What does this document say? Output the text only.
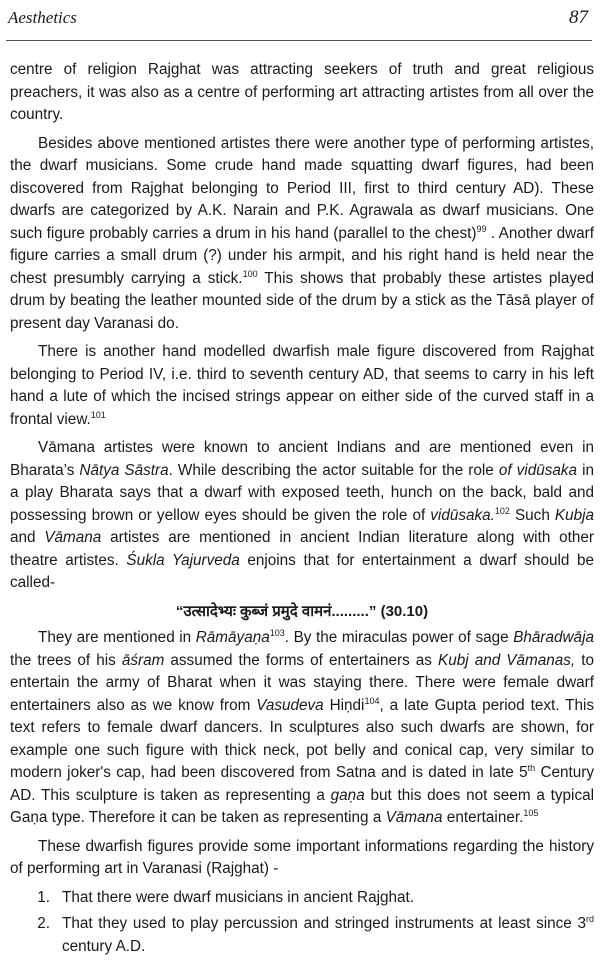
Aesthetics	87

centre of religion Rajghat was attracting seekers of truth and great religious preachers, it was also as a centre of performing art attracting artistes from all over the country.

Besides above mentioned artistes there were another type of performing artistes, the dwarf musicians. Some crude hand made squatting dwarf figures, had been discovered from Rajghat belonging to Period III, first to third century AD). These dwarfs are categorized by A.K. Narain and P.K. Agrawala as dwarf musicians. One such figure probably carries a drum in his hand (parallel to the chest)$^{99}$ . Another dwarf figure carries a small drum (?) under his armpit, and his right hand is held near the chest presumbly carrying a stick.$^{100}$ This shows that probably these artistes played drum by beating the leather mounted side of the drum by a stick as the Tāsā player of present day Varanasi do.

There is another hand modelled dwarfish male figure discovered from Rajghat belonging to Period IV, i.e. third to seventh century AD, that seems to carry in his left hand a lute of which the incised strings appear on either side of the curved staff in a frontal view.$^{101}$

Vāmana artistes were known to ancient Indians and are mentioned even in Bharata’s Nātya Sāstra. While describing the actor suitable for the role of vidūsaka in a play Bharata says that a dwarf with exposed teeth, hunch on the back, bald and possessing brown or yellow eyes should be given the role of vidūsaka.$^{102}$ Such Kubja and Vāmana artistes are mentioned in ancient Indian literature along with other theatre artistes. Śukla Yajurveda enjoins that for entertainment a dwarf should be called-

“उत्सादेभ्यः कुब्जं प्रमुदे वामनं.........” (30.10)

They are mentioned in Rāmāyaṇa$^{103}$. By the miraculas power of sage Bhāradwāja the trees of his āśram assumed the forms of entertainers as Kubj and Vāmanas, to entertain the army of Bharat when it was staying there. There were female dwarf entertainers also as we know from Vasudeva Hiṇdi$^{104}$, a late Gupta period text. This text refers to female dwarf dancers. In sculptures also such dwarfs are shown, for example one such figure with thick neck, pot belly and conical cap, very similar to modern joker's cap, had been discovered from Satna and is dated in late 5th Century AD. This sculpture is taken as representing a gaṇa but this does not seem a typical Gaṇa type. Therefore it can be taken as representing a Vāmana entertainer.$^{105}$

These dwarfish figures provide some important informations regarding the history of performing art in Varanasi (Rajghat) -

1. That there were dwarf musicians in ancient Rajghat.
2. That they used to play percussion and stringed instruments at least since 3rd century A.D.
